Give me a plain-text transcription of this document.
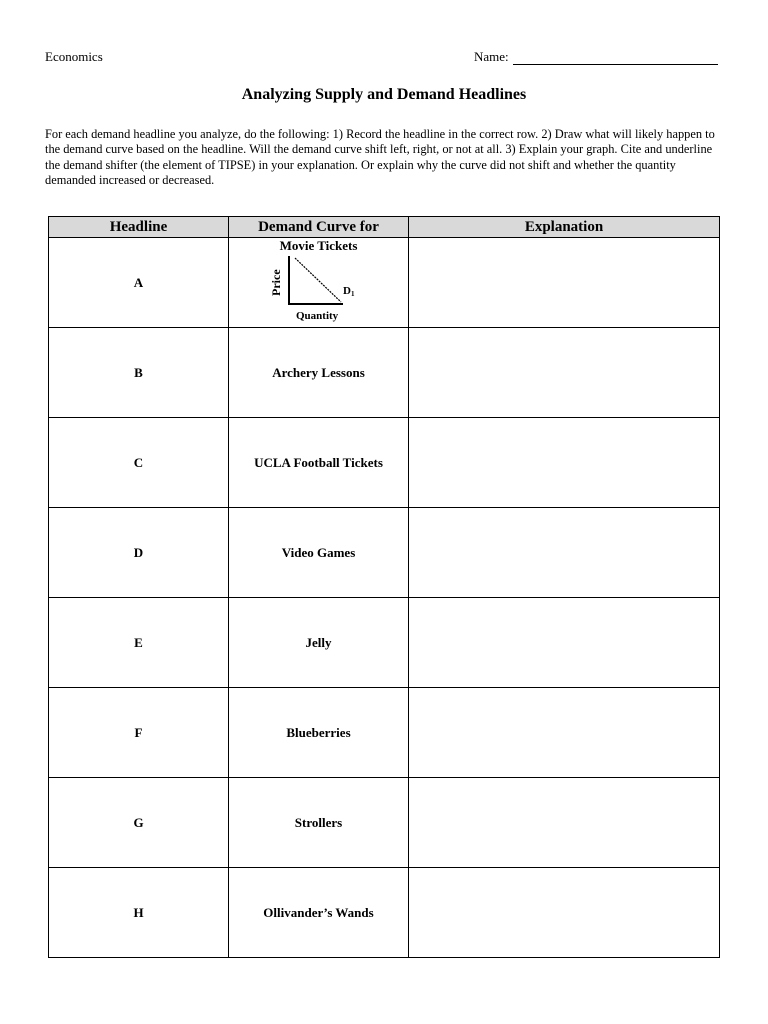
Economics	Name:
Analyzing Supply and Demand Headlines
For each demand headline you analyze, do the following: 1) Record the headline in the correct row. 2) Draw what will likely happen to the demand curve based on the headline. Will the demand curve shift left, right, or not at all. 3) Explain your graph. Cite and underline the demand shifter (the element of TIPSE) in your explanation. Or explain why the curve did not shift and whether the quantity demanded increased or decreased.
Headline	Demand Curve for	Explanation
A	Movie Tickets
Price
Quantity
D1	

B	Archery Lessons	
C	UCLA Football Tickets	
D	Video Games	
E	Jelly	
F	Blueberries	
G	Strollers	
H	Ollivander’s Wands	
